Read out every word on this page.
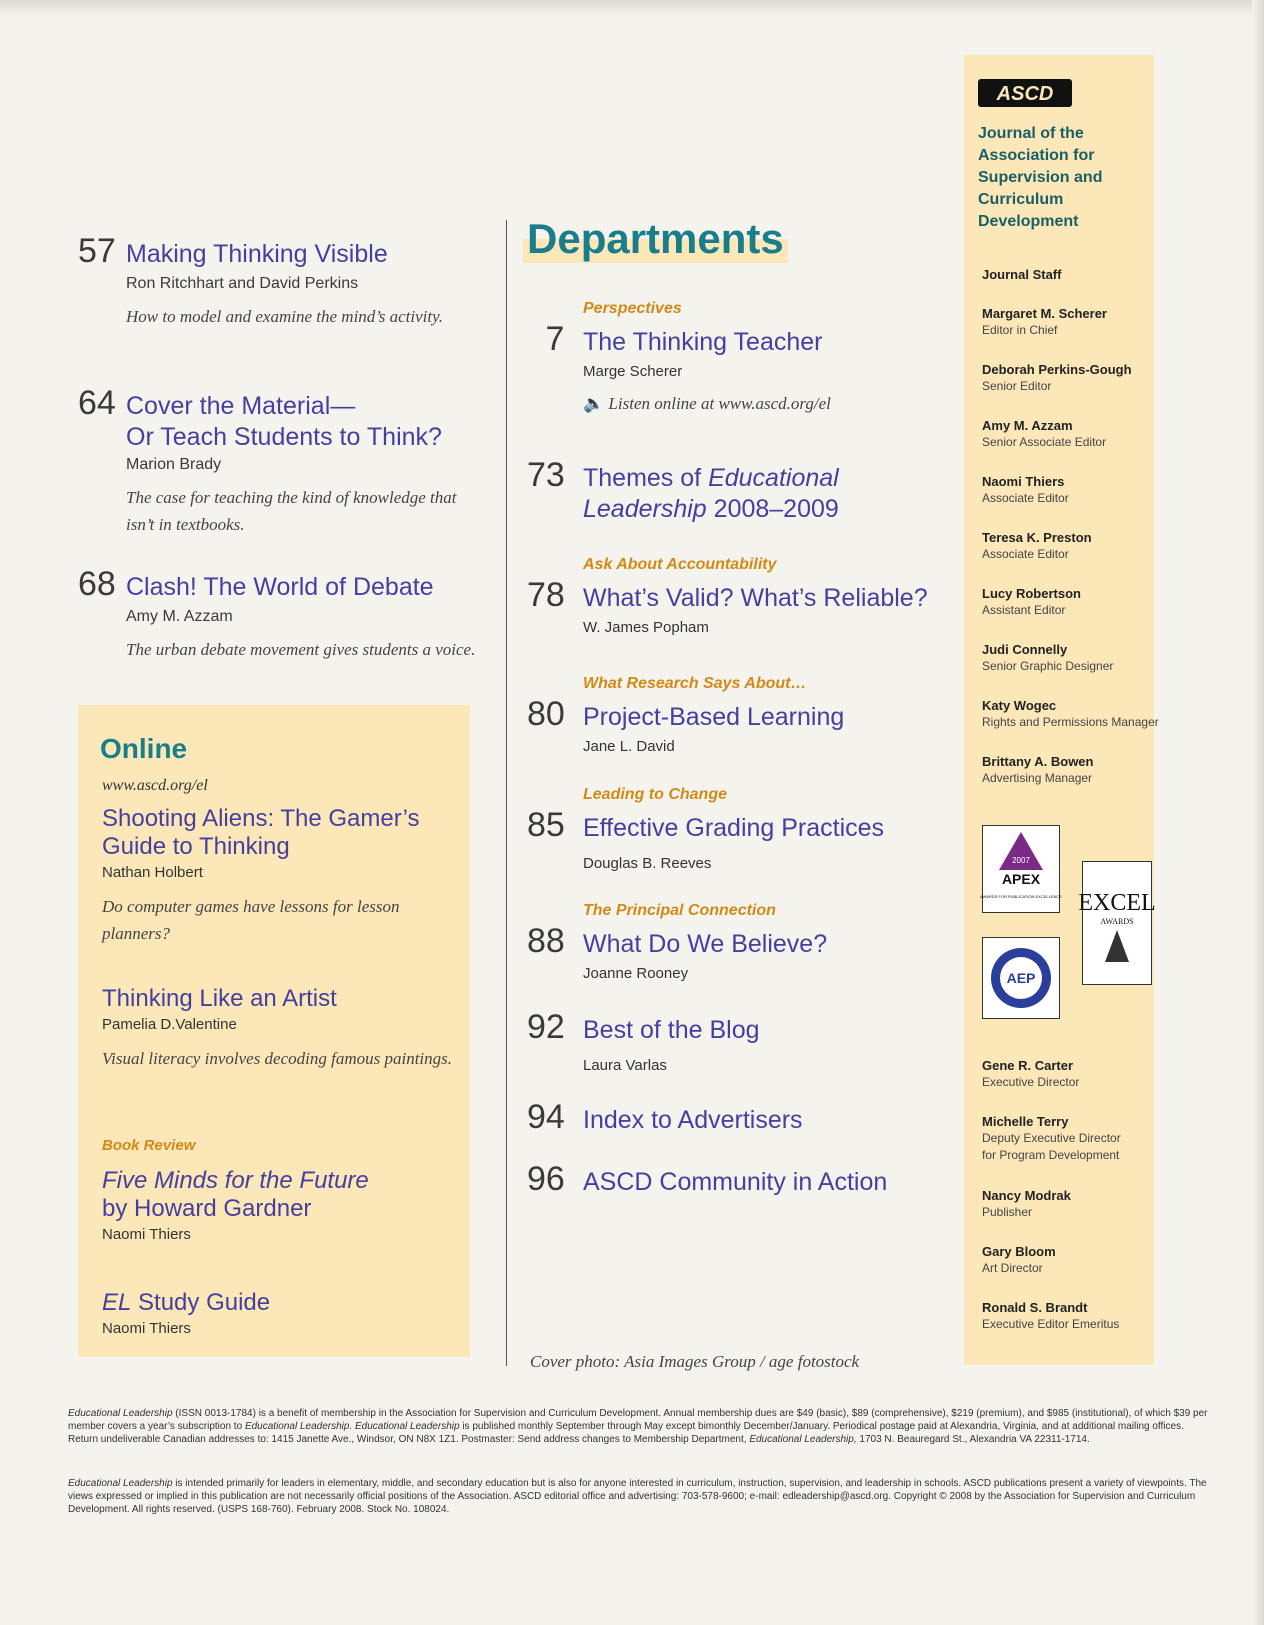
57 Making Thinking Visible
Ron Ritchhart and David Perkins
How to model and examine the mind’s activity.
64 Cover the Material—
Or Teach Students to Think?
Marion Brady
The case for teaching the kind of knowledge that isn’t in textbooks.
68 Clash! The World of Debate
Amy M. Azzam
The urban debate movement gives students a voice.
Online
www.ascd.org/el
Shooting Aliens: The Gamer’s Guide to Thinking
Nathan Holbert
Do computer games have lessons for lesson planners?
Thinking Like an Artist
Pamelia D.Valentine
Visual literacy involves decoding famous paintings.
Book Review
Five Minds for the Future
by Howard Gardner
Naomi Thiers
EL Study Guide
Naomi Thiers
Departments
Perspectives
7 The Thinking Teacher
Marge Scherer
🔈 Listen online at www.ascd.org/el
73 Themes of Educational
Leadership 2008–2009
Ask About Accountability
78 What’s Valid? What’s Reliable?
W. James Popham
What Research Says About…
80 Project-Based Learning
Jane L. David
Leading to Change
85 Effective Grading Practices
Douglas B. Reeves
The Principal Connection
88 What Do We Believe?
Joanne Rooney
92 Best of the Blog
Laura Varlas
94 Index to Advertisers
96 ASCD Community in Action
Cover photo: Asia Images Group / age fotostock
ASCD
Journal of the Association for Supervision and Curriculum Development
Journal Staff
Margaret M. Scherer
Editor in Chief
Deborah Perkins-Gough
Senior Editor
Amy M. Azzam
Senior Associate Editor
Naomi Thiers
Associate Editor
Teresa K. Preston
Associate Editor
Lucy Robertson
Assistant Editor
Judi Connelly
Senior Graphic Designer
Katy Wogec
Rights and Permissions Manager
Brittany A. Bowen
Advertising Manager
2007
APEX
AWARDS FOR PUBLICATION EXCELLENCE
AEP
EXCEL
AWARDS
Gene R. Carter
Executive Director
Michelle Terry
Deputy Executive Director for Program Development
Nancy Modrak
Publisher
Gary Bloom
Art Director
Ronald S. Brandt
Executive Editor Emeritus
Educational Leadership (ISSN 0013-1784) is a benefit of membership in the Association for Supervision and Curriculum Development. Annual membership dues are $49 (basic), $89 (comprehensive), $219 (premium), and $985 (institutional), of which $39 per member covers a year’s subscription to Educational Leadership. Educational Leadership is published monthly September through May except bimonthly December/January. Periodical postage paid at Alexandria, Virginia, and at additional mailing offices. Return undeliverable Canadian addresses to: 1415 Janette Ave., Windsor, ON N8X 1Z1. Postmaster: Send address changes to Membership Department, Educational Leadership, 1703 N. Beauregard St., Alexandria VA 22311-1714.
Educational Leadership is intended primarily for leaders in elementary, middle, and secondary education but is also for anyone interested in curriculum, instruction, supervision, and leadership in schools. ASCD publications present a variety of viewpoints. The views expressed or implied in this publication are not necessarily official positions of the Association. ASCD editorial office and advertising: 703-578-9600; e-mail: edleadership@ascd.org. Copyright © 2008 by the Association for Supervision and Curriculum Development. All rights reserved. (USPS 168-760). February 2008. Stock No. 108024.
